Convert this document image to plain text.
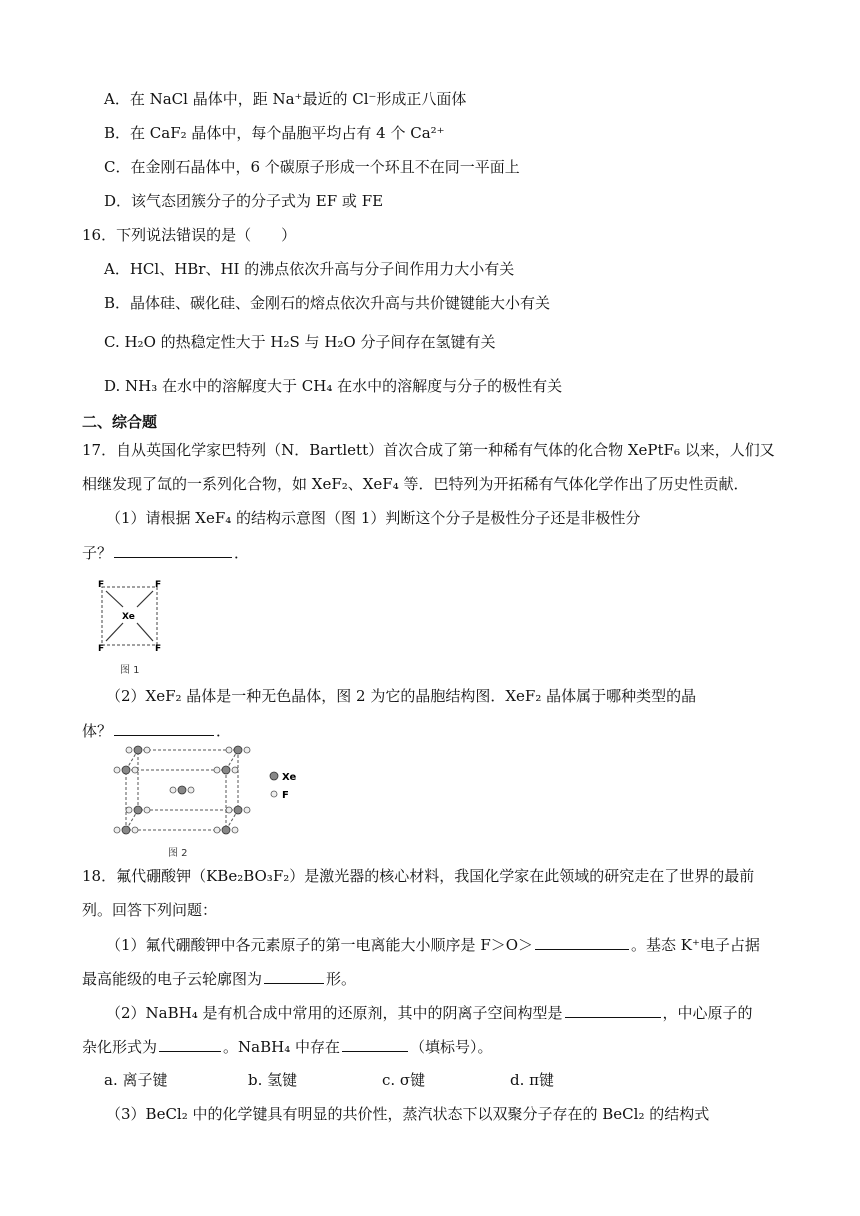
A．在 NaCl 晶体中，距 Na⁺最近的 Cl⁻形成正八面体
B．在 CaF₂ 晶体中，每个晶胞平均占有 4 个 Ca²⁺
C．在金刚石晶体中，6 个碳原子形成一个环且不在同一平面上
D．该气态团簇分子的分子式为 EF 或 FE
16．下列说法错误的是（　　）
A．HCl、HBr、HI 的沸点依次升高与分子间作用力大小有关
B．晶体硅、碳化硅、金刚石的熔点依次升高与共价键键能大小有关
C. H₂O 的热稳定性大于 H₂S 与 H₂O 分子间存在氢键有关
D. NH₃ 在水中的溶解度大于 CH₄ 在水中的溶解度与分子的极性有关
二、综合题
17．自从英国化学家巴特列（N．Bartlett）首次合成了第一种稀有气体的化合物 XePtF₆ 以来，人们又
相继发现了氙的一系列化合物，如 XeF₂、XeF₄ 等．巴特列为开拓稀有气体化学作出了历史性贡献．
（1）请根据 XeF₄ 的结构示意图（图 1）判断这个分子是极性分子还是非极性分
子？	．
F	F
Xe
F	F
图 1
（2）XeF₂ 晶体是一种无色晶体，图 2 为它的晶胞结构图．XeF₂ 晶体属于哪种类型的晶
体？	．
Xe
F
图 2
18．氟代硼酸钾（KBe₂BO₃F₂）是激光器的核心材料，我国化学家在此领域的研究走在了世界的最前
列。回答下列问题：
（1）氟代硼酸钾中各元素原子的第一电离能大小顺序是 F＞O＞	。基态 K⁺电子占据
最高能级的电子云轮廓图为	形。
（2）NaBH₄ 是有机合成中常用的还原剂，其中的阴离子空间构型是	，中心原子的
杂化形式为	。NaBH₄ 中存在	（填标号）。
a. 离子键	b. 氢键	c. σ键	d. π键
（3）BeCl₂ 中的化学键具有明显的共价性，蒸汽状态下以双聚分子存在的 BeCl₂ 的结构式
